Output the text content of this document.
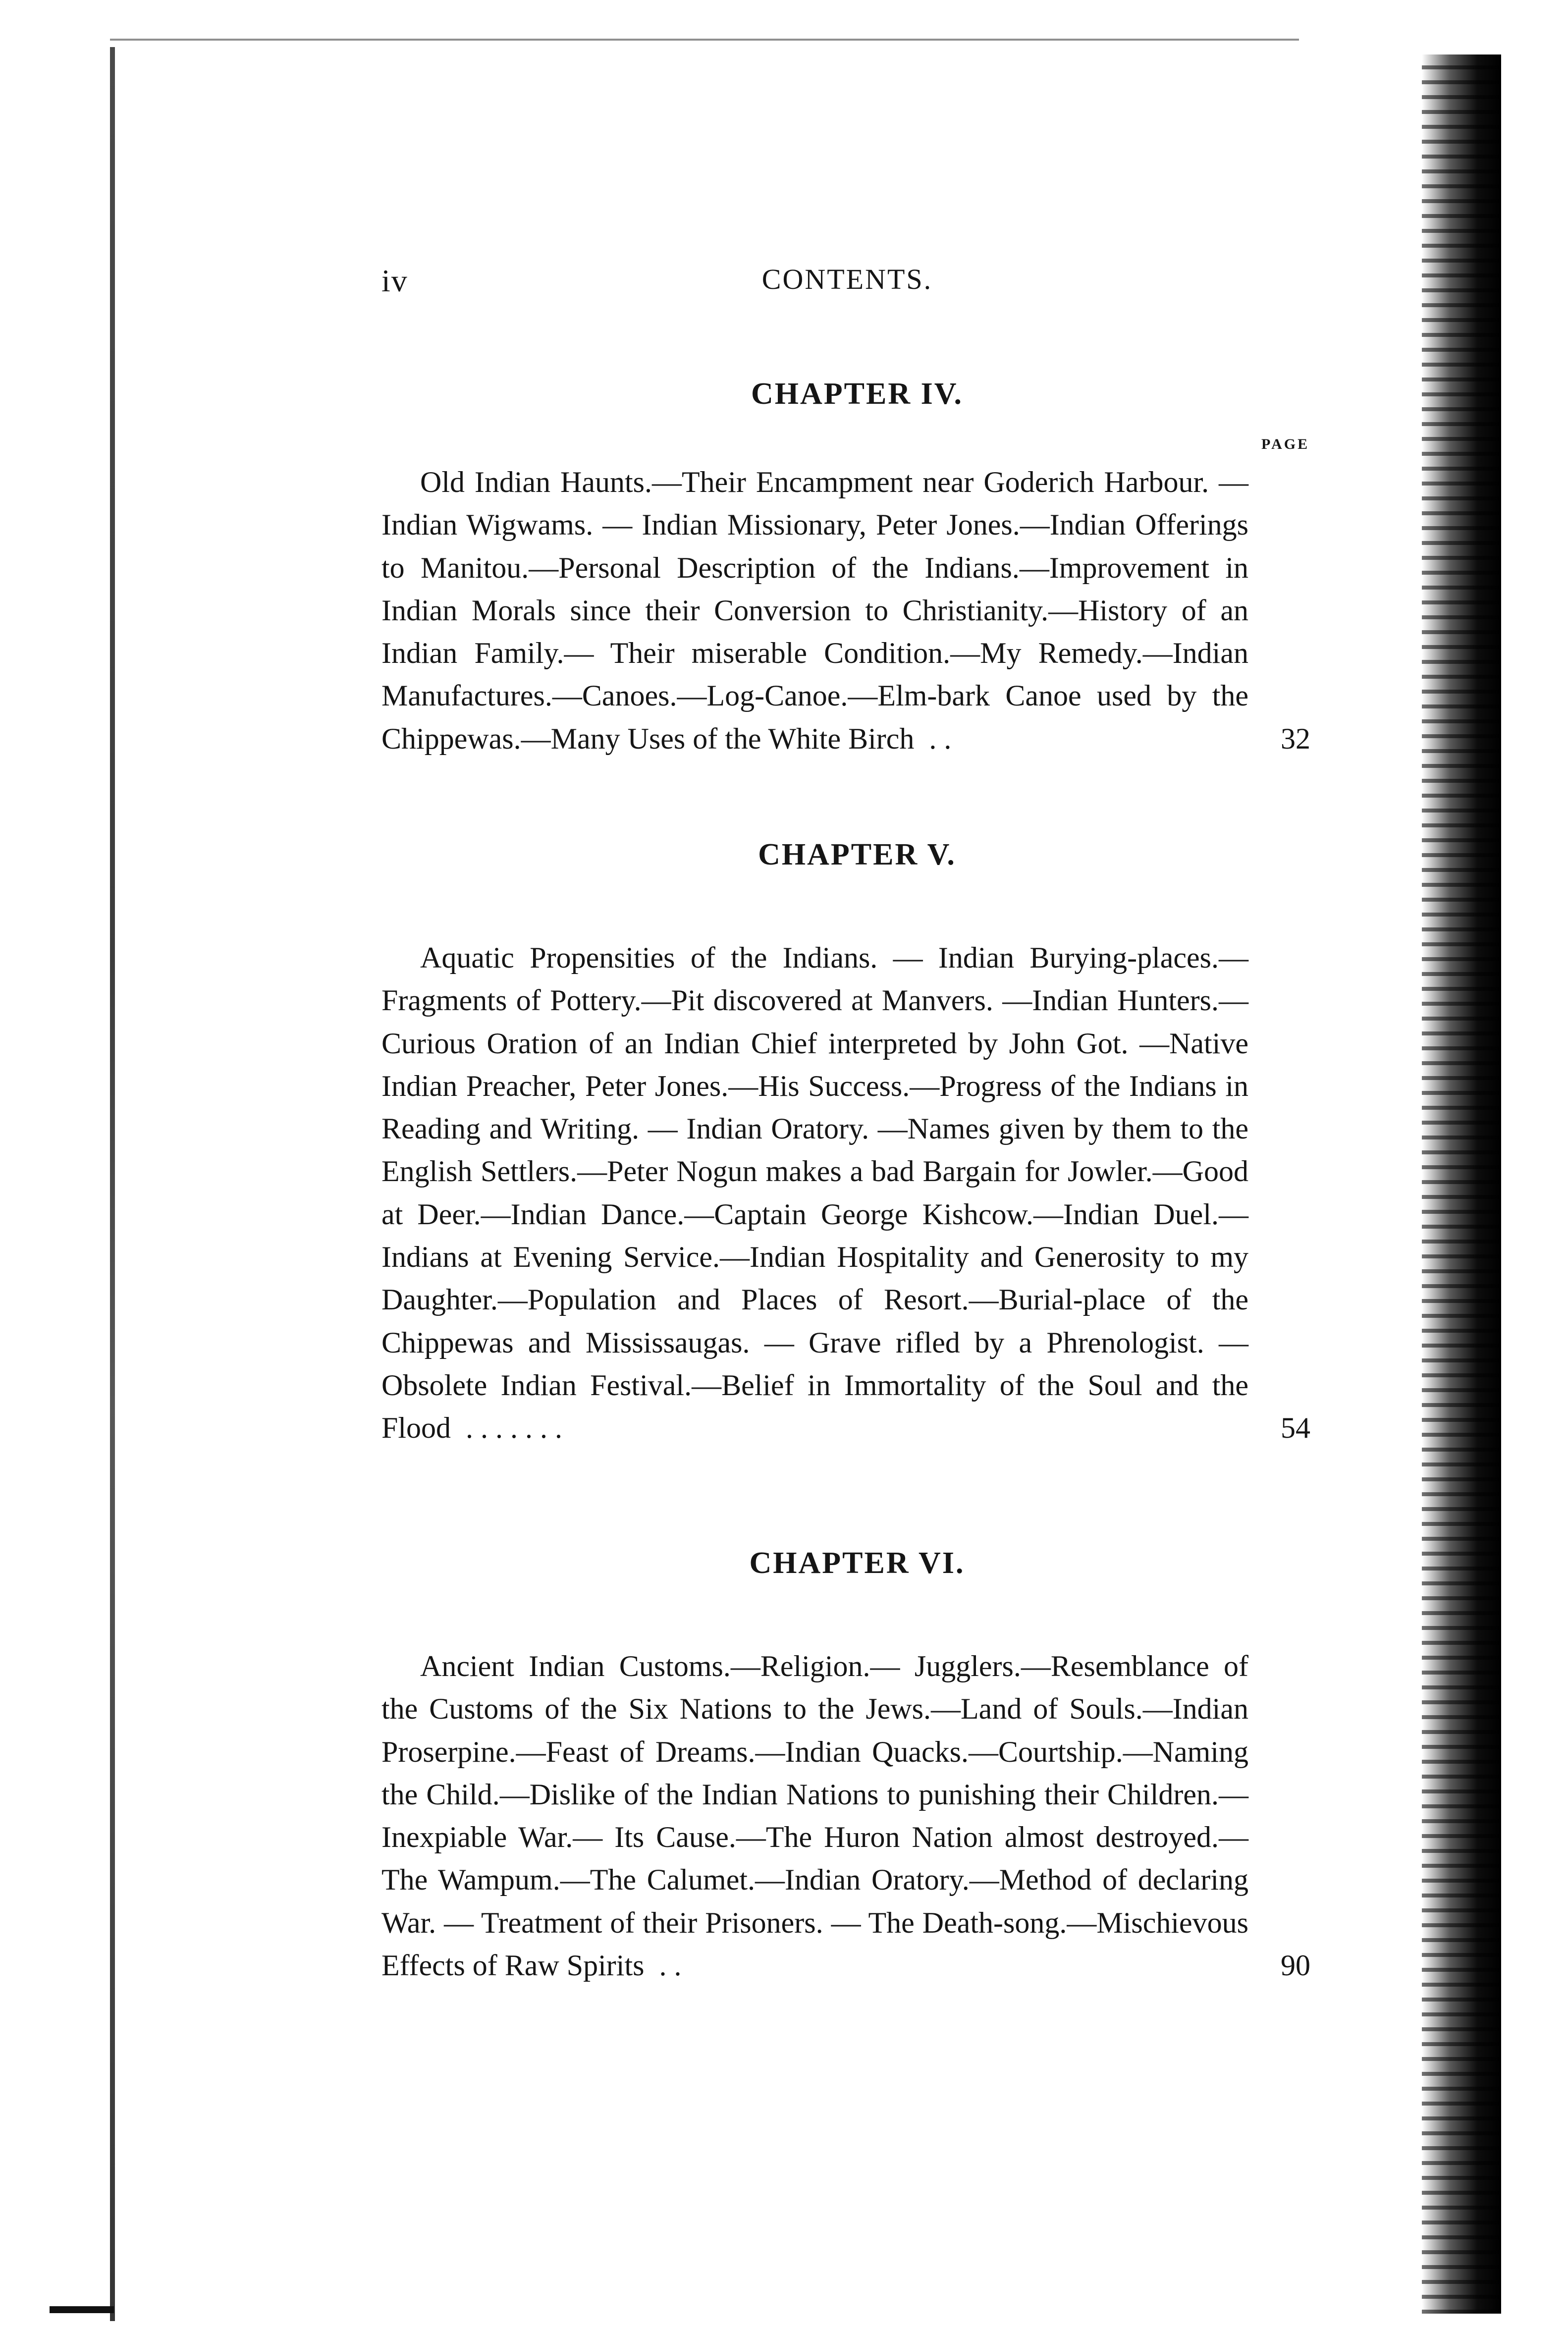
iv	CONTENTS.
PAGE
CHAPTER IV.
Old Indian Haunts.—Their Encampment near Goderich Harbour. — Indian Wigwams. — Indian Missionary, Peter Jones.—Indian Offerings to Manitou.—Personal Description of the Indians.—Improvement in Indian Morals since their Conversion to Christianity.—History of an Indian Family.— Their miserable Condition.—My Remedy.—Indian Manufactures.—Canoes.—Log-Canoe.—Elm-bark Canoe used by the Chippewas.—Many Uses of the White Birch . .	32
CHAPTER V.
Aquatic Propensities of the Indians. — Indian Burying-places.—Fragments of Pottery.—Pit discovered at Manvers. —Indian Hunters.—Curious Oration of an Indian Chief interpreted by John Got. —Native Indian Preacher, Peter Jones.—His Success.—Progress of the Indians in Reading and Writing. — Indian Oratory. —Names given by them to the English Settlers.—Peter Nogun makes a bad Bargain for Jowler.—Good at Deer.—Indian Dance.—Captain George Kishcow.—Indian Duel.—Indians at Evening Service.—Indian Hospitality and Generosity to my Daughter.—Population and Places of Resort.—Burial-place of the Chippewas and Mississaugas. — Grave rifled by a Phrenologist. — Obsolete Indian Festival.—Belief in Immortality of the Soul and the Flood . . . . . . .	54
CHAPTER VI.
Ancient Indian Customs.—Religion.— Jugglers.—Resemblance of the Customs of the Six Nations to the Jews.—Land of Souls.—Indian Proserpine.—Feast of Dreams.—Indian Quacks.—Courtship.—Naming the Child.—Dislike of the Indian Nations to punishing their Children.—Inexpiable War.— Its Cause.—The Huron Nation almost destroyed.— The Wampum.—The Calumet.—Indian Oratory.—Method of declaring War. — Treatment of their Prisoners. — The Death-song.—Mischievous Effects of Raw Spirits . .	90
